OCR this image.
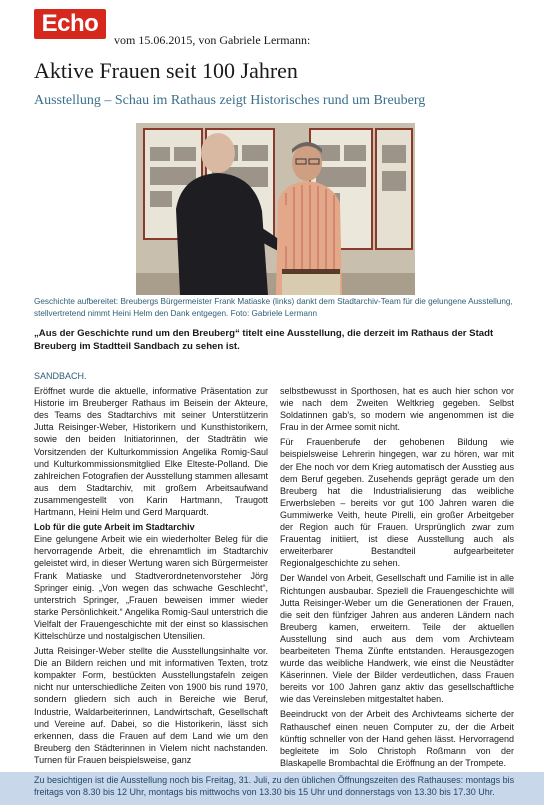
Echo
vom 15.06.2015, von Gabriele Lermann:
Aktive Frauen seit 100 Jahren
Ausstellung – Schau im Rathaus zeigt Historisches rund um Breuberg
Geschichte aufbereitet: Breubergs Bürgermeister Frank Matiaske (links) dankt dem Stadtarchiv-Team für die gelungene Ausstellung, stellvertretend nimmt Heini Helm den Dank entgegen. Foto: Gabriele Lermann
„Aus der Geschichte rund um den Breuberg“ titelt eine Ausstellung, die derzeit im Rathaus der Stadt Breuberg im Stadtteil Sandbach zu sehen ist.

SANDBACH.

Eröffnet wurde die aktuelle, informative Präsentation zur Historie im Breuberger Rathaus im Beisein der Akteure, des Teams des Stadtarchivs mit seiner Unterstützerin Jutta Reisinger-Weber, Historikern und Kunsthistorikern, sowie den beiden Initiatorinnen, der Stadträtin wie Vorsitzenden der Kulturkommission Angelika Romig-Saul und Kulturkommissionsmitglied Elke Elteste-Polland. Die zahlreichen Fotografien der Ausstellung stammen allesamt aus dem Stadtarchiv, mit großem Arbeitsaufwand zusammengestellt von Karin Hartmann, Traugott Hartmann, Heini Helm und Gerd Marquardt.

Lob für die gute Arbeit im Stadtarchiv

Eine gelungene Arbeit wie ein wiederholter Beleg für die hervorragende Arbeit, die ehrenamtlich im Stadtarchiv geleistet wird, in dieser Wertung waren sich Bürgermeister Frank Matiaske und Stadtverordnetenvorsteher Jörg Springer einig. „Von wegen das schwache Geschlecht“, unterstrich Springer, „Frauen beweisen immer wieder starke Persönlichkeit.“ Angelika Romig-Saul unterstrich die Vielfalt der Frauengeschichte mit der einst so klassischen Kittelschürze und nostalgischen Utensilien.

Jutta Reisinger-Weber stellte die Ausstellungsinhalte vor. Die an Bildern reichen und mit informativen Texten, trotz kompakter Form, bestückten Ausstellungstafeln zeigen nicht nur unterschiedliche Zeiten von 1900 bis rund 1970, sondern gliedern sich auch in Bereiche wie Beruf, Industrie, Waldarbeiterinnen, Landwirtschaft, Gesellschaft und Vereine auf. Dabei, so die Historikerin, lässt sich erkennen, dass die Frauen auf dem Land wie um den Breuberg den Städterinnen in Vielem nicht nachstanden. Turnen für Frauen beispielsweise, ganz

selbstbewusst in Sporthosen, hat es auch hier schon vor wie nach dem Zweiten Weltkrieg gegeben. Selbst Soldatinnen gab’s, so modern wie angenommen ist die Frau in der Armee somit nicht.

Für Frauenberufe der gehobenen Bildung wie beispielsweise Lehrerin hingegen, war zu hören, war mit der Ehe noch vor dem Krieg automatisch der Ausstieg aus dem Beruf gegeben. Zusehends geprägt gerade um den Breuberg hat die Industrialisierung das weibliche Erwerbsleben – bereits vor gut 100 Jahren waren die Gummiwerke Veith, heute Pirelli, ein großer Arbeitgeber der Region auch für Frauen. Ursprünglich zwar zum Frauentag initiiert, ist diese Ausstellung auch als erweiterbarer Bestandteil aufgearbeiteter Regionalgeschichte zu sehen.

Der Wandel von Arbeit, Gesellschaft und Familie ist in alle Richtungen ausbaubar. Speziell die Frauengeschichte will Jutta Reisinger-Weber um die Generationen der Frauen, die seit den fünfziger Jahren aus anderen Ländern nach Breuberg kamen, erweitern. Teile der aktuellen Ausstellung sind auch aus dem vom Archivteam bearbeiteten Thema Zünfte entstanden. Herausgezogen wurde das weibliche Handwerk, wie einst die Neustädter Käserinnen. Viele der Bilder verdeutlichen, dass Frauen bereits vor 100 Jahren ganz aktiv das gesellschaftliche wie das Vereinsleben mitgestaltet haben.

Beeindruckt von der Arbeit des Archivteams sicherte der Rathauschef einen neuen Computer zu, der die Arbeit künftig schneller von der Hand gehen lässt. Hervorragend begleitete im Solo Christoph Roßmann von der Blaskapelle Brombachtal die Eröffnung an der Trompete.

Zu besichtigen ist die Ausstellung noch bis Freitag, 31. Juli, zu den üblichen Öffnungszeiten des Rathauses: montags bis freitags von 8.30 bis 12 Uhr, montags bis mittwochs von 13.30 bis 15 Uhr und donnerstags von 13.30 bis 17.30 Uhr.
